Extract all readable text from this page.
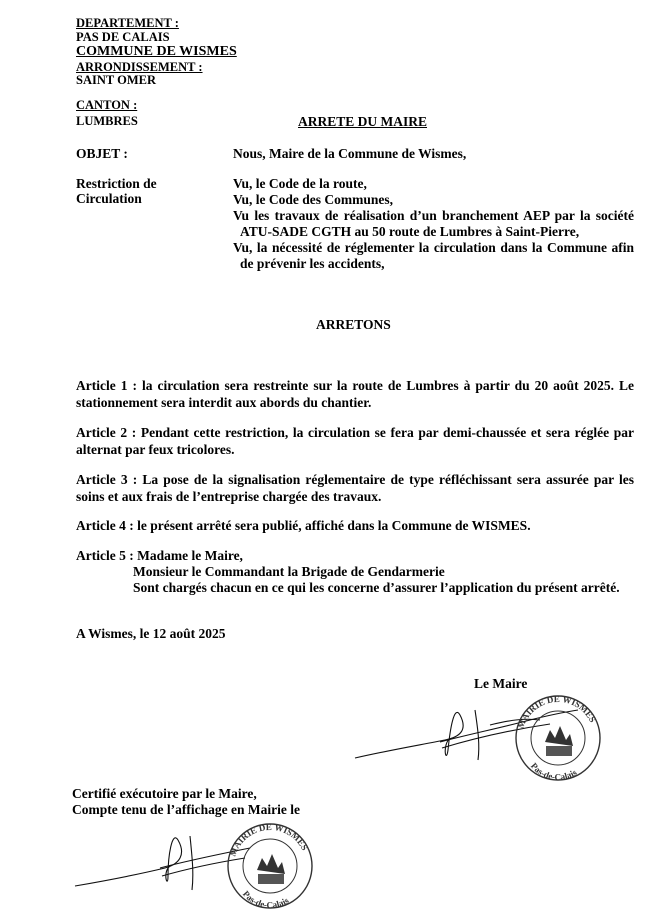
DEPARTEMENT :
PAS DE CALAIS
COMMUNE DE WISMES
ARRONDISSEMENT :
SAINT OMER
CANTON :
LUMBRES	ARRETE DU MAIRE
OBJET :	Nous, Maire de la Commune de Wismes,
Restriction de
Circulation
Vu, le Code de la route,
Vu, le Code des Communes,
Vu les travaux de réalisation d’un branchement AEP par la société
ATU-SADE CGTH au 50 route de Lumbres à Saint-Pierre,
Vu, la nécessité de réglementer la circulation dans la Commune afin
de prévenir les accidents,
ARRETONS
Article 1 : la circulation sera restreinte sur la route de Lumbres à partir du 20 août 2025. Le stationnement sera interdit aux abords du chantier.
Article 2 : Pendant cette restriction, la circulation se fera par demi-chaussée et sera réglée par alternat par feux tricolores.
Article 3 : La pose de la signalisation réglementaire de type réfléchissant sera assurée par les soins et aux frais de l’entreprise chargée des travaux.
Article 4 : le présent arrêté sera publié, affiché dans la Commune de WISMES.
Article 5 : Madame le Maire,
Monsieur le Commandant la Brigade de Gendarmerie
Sont chargés chacun en ce qui les concerne d’assurer l’application du présent arrêté.
A Wismes, le 12 août 2025
Le Maire
MAIRIE DE WISMES
Pas-de-Calais
Certifié exécutoire par le Maire,
Compte tenu de l’affichage en Mairie le
MAIRIE DE WISMES
Pas-de-Calais
